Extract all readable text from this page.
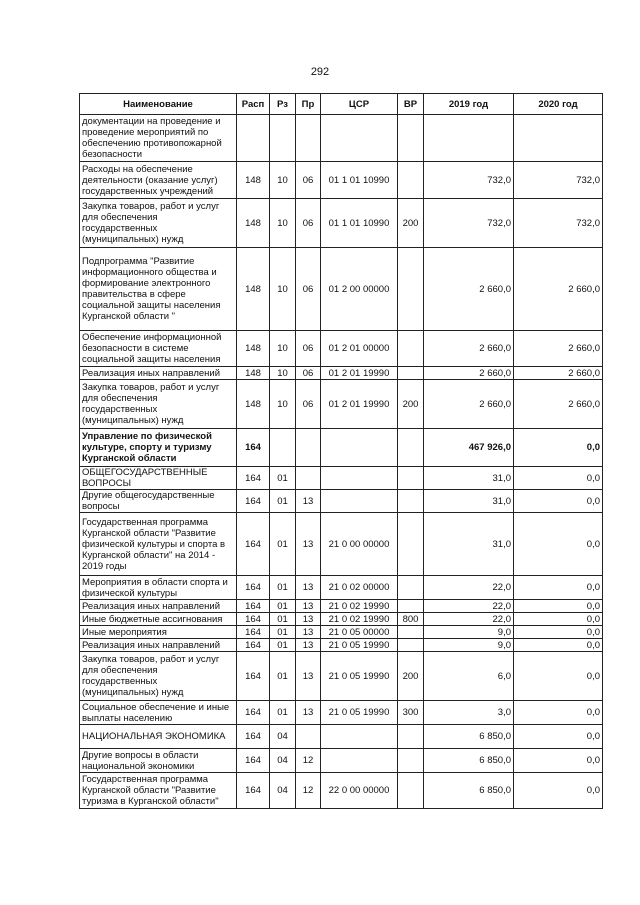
292
Наименование	Расп	Рз	Пр	ЦСР	ВР	2019 год	2020 год
документации на проведение и проведение мероприятий по обеспечению противопожарной безопасности							
Расходы на обеспечение деятельности (оказание услуг) государственных учреждений	148	10	06	01 1 01 10990		732,0	732,0
Закупка товаров, работ и услуг для обеспечения государственных (муниципальных) нужд	148	10	06	01 1 01 10990	200	732,0	732,0
Подпрограмма "Развитие информационного общества и формирование электронного правительства в сфере социальной защиты населения Курганской области "	148	10	06	01 2 00 00000		2 660,0	2 660,0
Обеспечение информационной безопасности в системе социальной защиты населения	148	10	06	01 2 01 00000		2 660,0	2 660,0
Реализация иных направлений	148	10	06	01 2 01 19990		2 660,0	2 660,0
Закупка товаров, работ и услуг для обеспечения государственных (муниципальных) нужд	148	10	06	01 2 01 19990	200	2 660,0	2 660,0
Управление по физической культуре, спорту и туризму Курганской области	164					467 926,0	0,0
ОБЩЕГОСУДАРСТВЕННЫЕ ВОПРОСЫ	164	01				31,0	0,0
Другие общегосударственные вопросы	164	01	13			31,0	0,0
Государственная программа Курганской области "Развитие физической культуры и спорта в Курганской области" на 2014 - 2019 годы	164	01	13	21 0 00 00000		31,0	0,0
Мероприятия в области спорта и физической культуры	164	01	13	21 0 02 00000		22,0	0,0
Реализация иных направлений	164	01	13	21 0 02 19990		22,0	0,0
Иные бюджетные ассигнования	164	01	13	21 0 02 19990	800	22,0	0,0
Иные мероприятия	164	01	13	21 0 05 00000		9,0	0,0
Реализация иных направлений	164	01	13	21 0 05 19990		9,0	0,0
Закупка товаров, работ и услуг для обеспечения государственных (муниципальных) нужд	164	01	13	21 0 05 19990	200	6,0	0,0
Социальное обеспечение и иные выплаты населению	164	01	13	21 0 05 19990	300	3,0	0,0
НАЦИОНАЛЬНАЯ ЭКОНОМИКА	164	04				6 850,0	0,0
Другие вопросы в области национальной экономики	164	04	12			6 850,0	0,0
Государственная программа Курганской области "Развитие туризма в Курганской области"	164	04	12	22 0 00 00000		6 850,0	0,0
